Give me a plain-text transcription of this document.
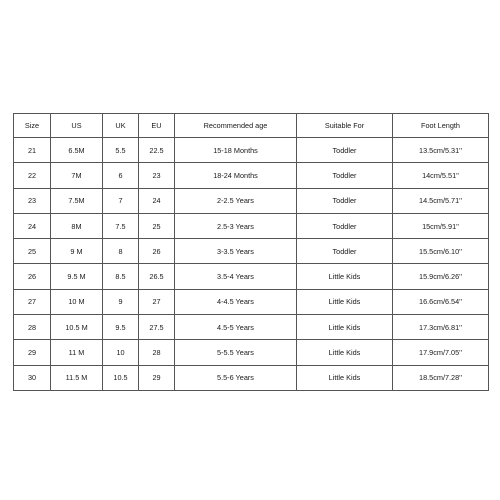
Size	US	UK	EU	Recommended age	Suitable For	Foot Length
21	6.5M	5.5	22.5	15-18 Months	Toddler	13.5cm/5.31''
22	7M	6	23	18-24 Months	Toddler	14cm/5.51''
23	7.5M	7	24	2-2.5 Years	Toddler	14.5cm/5.71''
24	8M	7.5	25	2.5-3 Years	Toddler	15cm/5.91''
25	9 M	8	26	3-3.5 Years	Toddler	15.5cm/6.10''
26	9.5 M	8.5	26.5	3.5-4 Years	Little Kids	15.9cm/6.26''
27	10 M	9	27	4-4.5 Years	Little Kids	16.6cm/6.54''
28	10.5 M	9.5	27.5	4.5-5 Years	Little Kids	17.3cm/6.81''
29	11 M	10	28	5-5.5 Years	Little Kids	17.9cm/7.05''
30	11.5 M	10.5	29	5.5-6 Years	Little Kids	18.5cm/7.28''
